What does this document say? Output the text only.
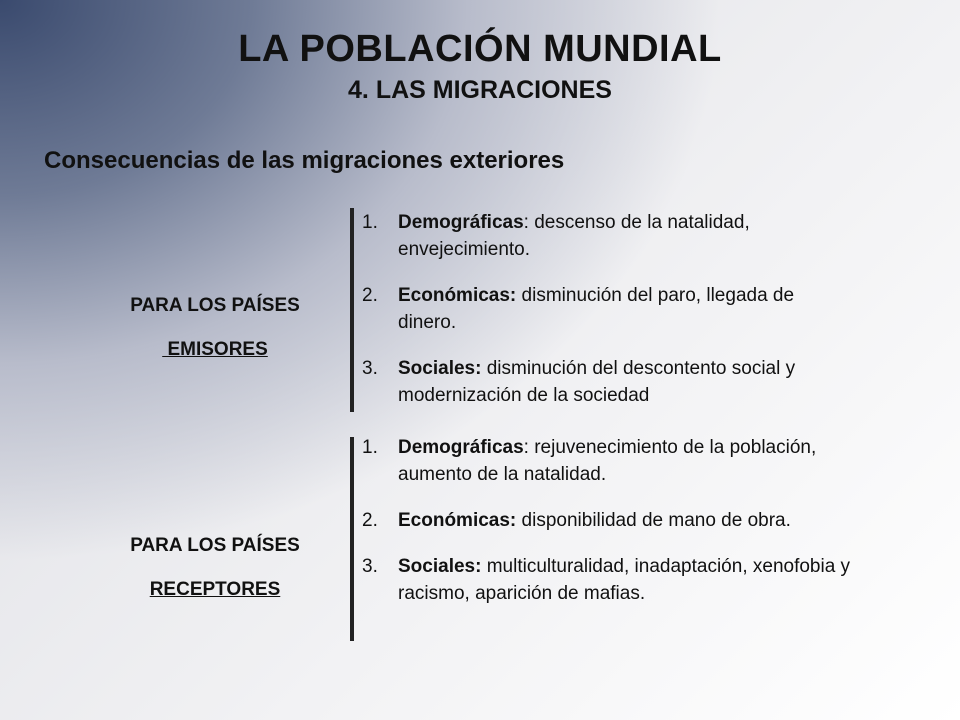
LA POBLACIÓN MUNDIAL
4. LAS MIGRACIONES
Consecuencias de las migraciones exteriores
PARA LOS PAÍSES
EMISORES
1. Demográficas: descenso de la natalidad, envejecimiento.
2. Económicas: disminución del paro, llegada de dinero.
3. Sociales: disminución del descontento social y modernización de la sociedad
PARA LOS PAÍSES
RECEPTORES
1. Demográficas: rejuvenecimiento de la población, aumento de la natalidad.
2. Económicas: disponibilidad de mano de obra.
3. Sociales: multiculturalidad, inadaptación, xenofobia y racismo, aparición de mafias.
